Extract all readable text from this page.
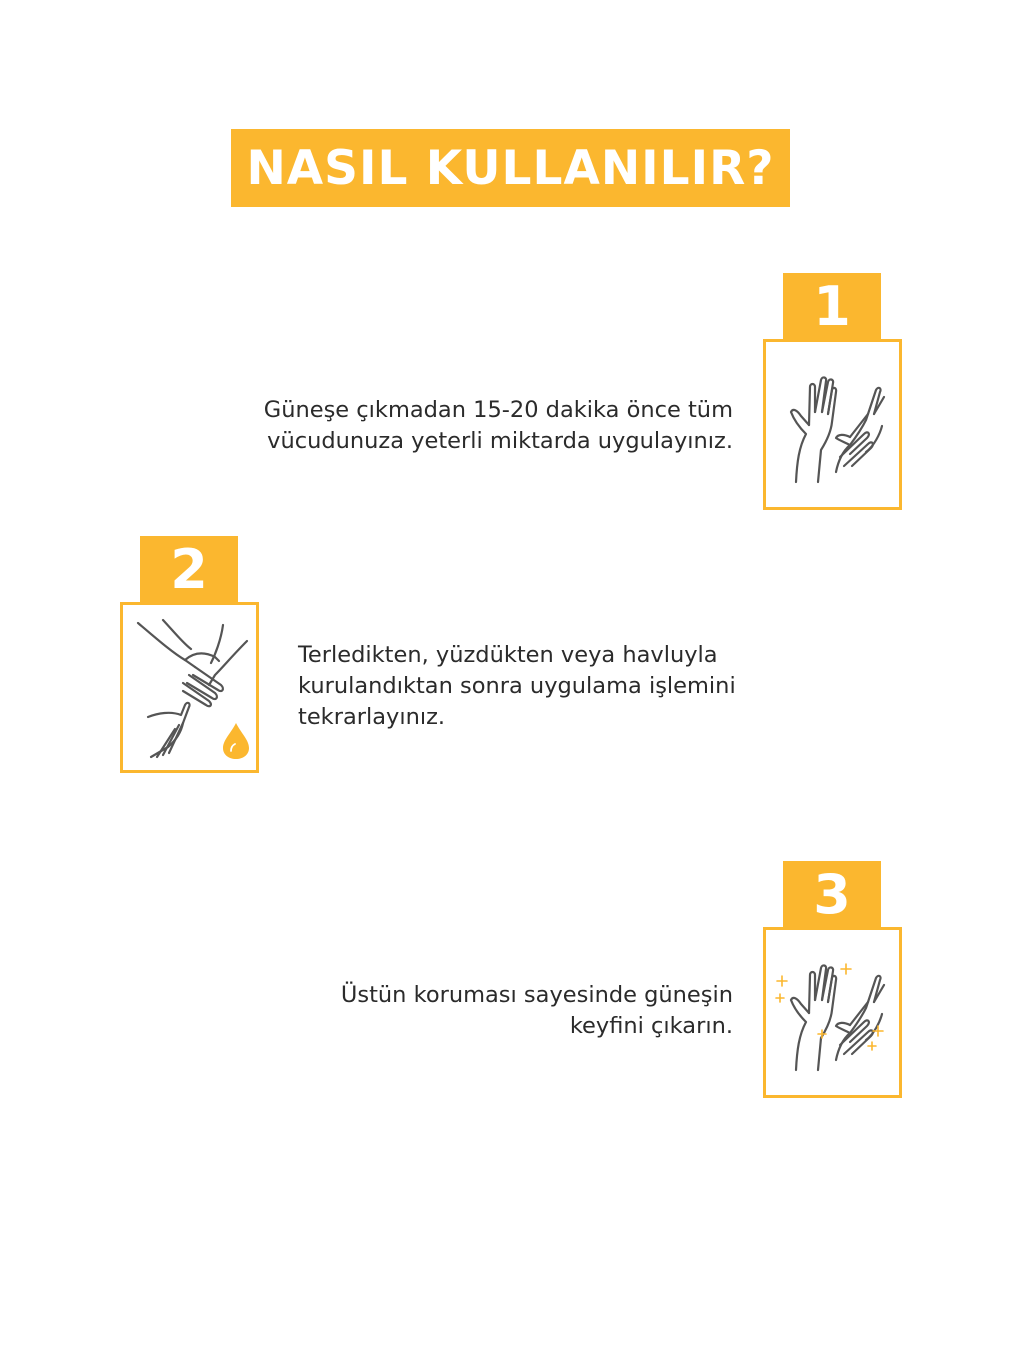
NASIL KULLANILIR?
1

Güneşe çıkmadan 15-20 dakika önce tüm

vücudunuza yeterli miktarda uygulayınız.

2

Terledikten, yüzdükten veya havluyla

kurulandıktan sonra uygulama işlemini

tekrarlayınız.

3

Üstün koruması sayesinde güneşin

keyfini çıkarın.
